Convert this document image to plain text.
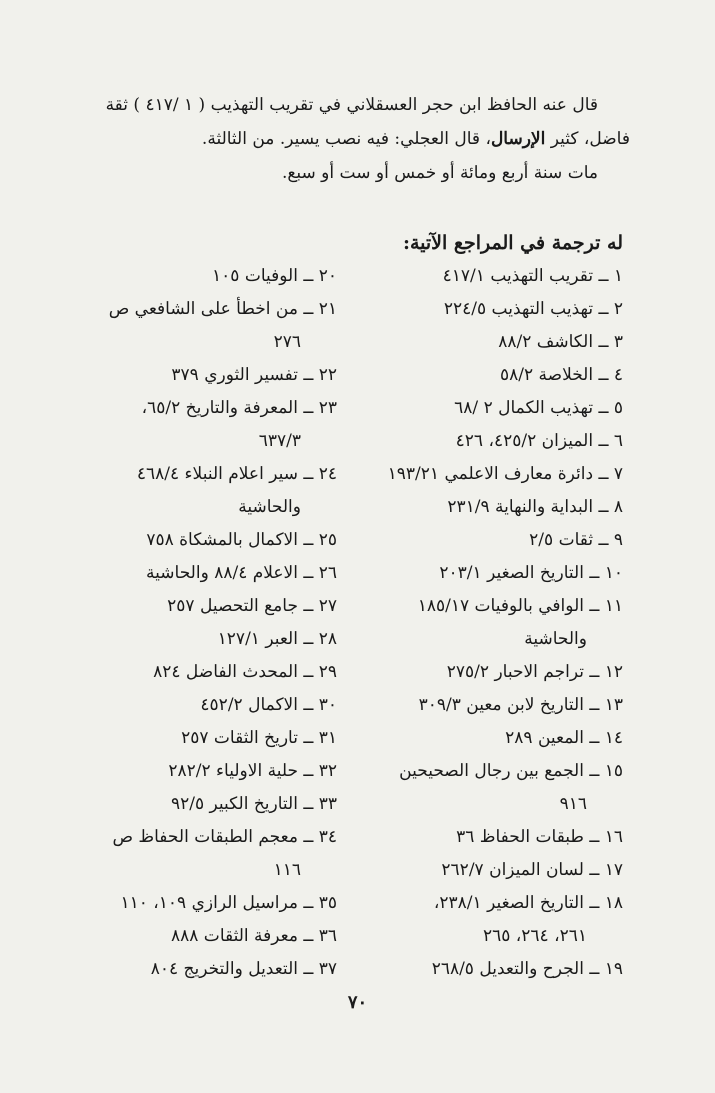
قال عنه الحافظ ابن حجر العسقلاني في تقريب التهذيب ( ١ /٤١٧ ) ثقة

فاضل، كثير الإرسال، قال العجلي: فيه نصب يسير. من الثالثة.

مات سنة أربع ومائة أو خمس أو ست أو سبع.

له ترجمة في المراجع الآتية:
١ ــ تقريب التهذيب ٤١٧/١
٢ ــ تهذيب التهذيب ٢٢٤/٥
٣ ــ الكاشف ٨٨/٢
٤ ــ الخلاصة ٥٨/٢
٥ ــ تهذيب الكمال ٢ /٦٨
٦ ــ الميزان ٤٢٥/٢، ٤٢٦
٧ ــ دائرة معارف الاعلمي ١٩٣/٢١
٨ ــ البداية والنهاية ٢٣١/٩
٩ ــ ثقات ٢/٥
١٠ ــ التاريخ الصغير ٢٠٣/١
١١ ــ الوافي بالوفيات ١٨٥/١٧
والحاشية
١٢ ــ تراجم الاحبار ٢٧٥/٢
١٣ ــ التاريخ لابن معين ٣٠٩/٣
١٤ ــ المعين ٢٨٩
١٥ ــ الجمع بين رجال الصحيحين
٩١٦
١٦ ــ طبقات الحفاظ ٣٦
١٧ ــ لسان الميزان ٢٦٢/٧
١٨ ــ التاريخ الصغير ٢٣٨/١،
٢٦١، ٢٦٤، ٢٦٥
١٩ ــ الجرح والتعديل ٢٦٨/٥
٢٠ ــ الوفيات ١٠٥
٢١ ــ من اخطأ على الشافعي ص
٢٧٦
٢٢ ــ تفسير الثوري ٣٧٩
٢٣ ــ المعرفة والتاريخ ٦٥/٢،
٦٣٧/٣
٢٤ ــ سير اعلام النبلاء ٤٦٨/٤
والحاشية
٢٥ ــ الاكمال بالمشكاة ٧٥٨
٢٦ ــ الاعلام ٨٨/٤ والحاشية
٢٧ ــ جامع التحصيل ٢٥٧
٢٨ ــ العبر ١٢٧/١
٢٩ ــ المحدث الفاضل ٨٢٤
٣٠ ــ الاكمال ٤٥٢/٢
٣١ ــ تاريخ الثقات ٢٥٧
٣٢ ــ حلية الاولياء ٢٨٢/٢
٣٣ ــ التاريخ الكبير ٩٢/٥
٣٤ ــ معجم الطبقات الحفاظ ص
١١٦
٣٥ ــ مراسيل الرازي ١٠٩، ١١٠
٣٦ ــ معرفة الثقات ٨٨٨
٣٧ ــ التعديل والتخريج ٨٠٤
٧٠
